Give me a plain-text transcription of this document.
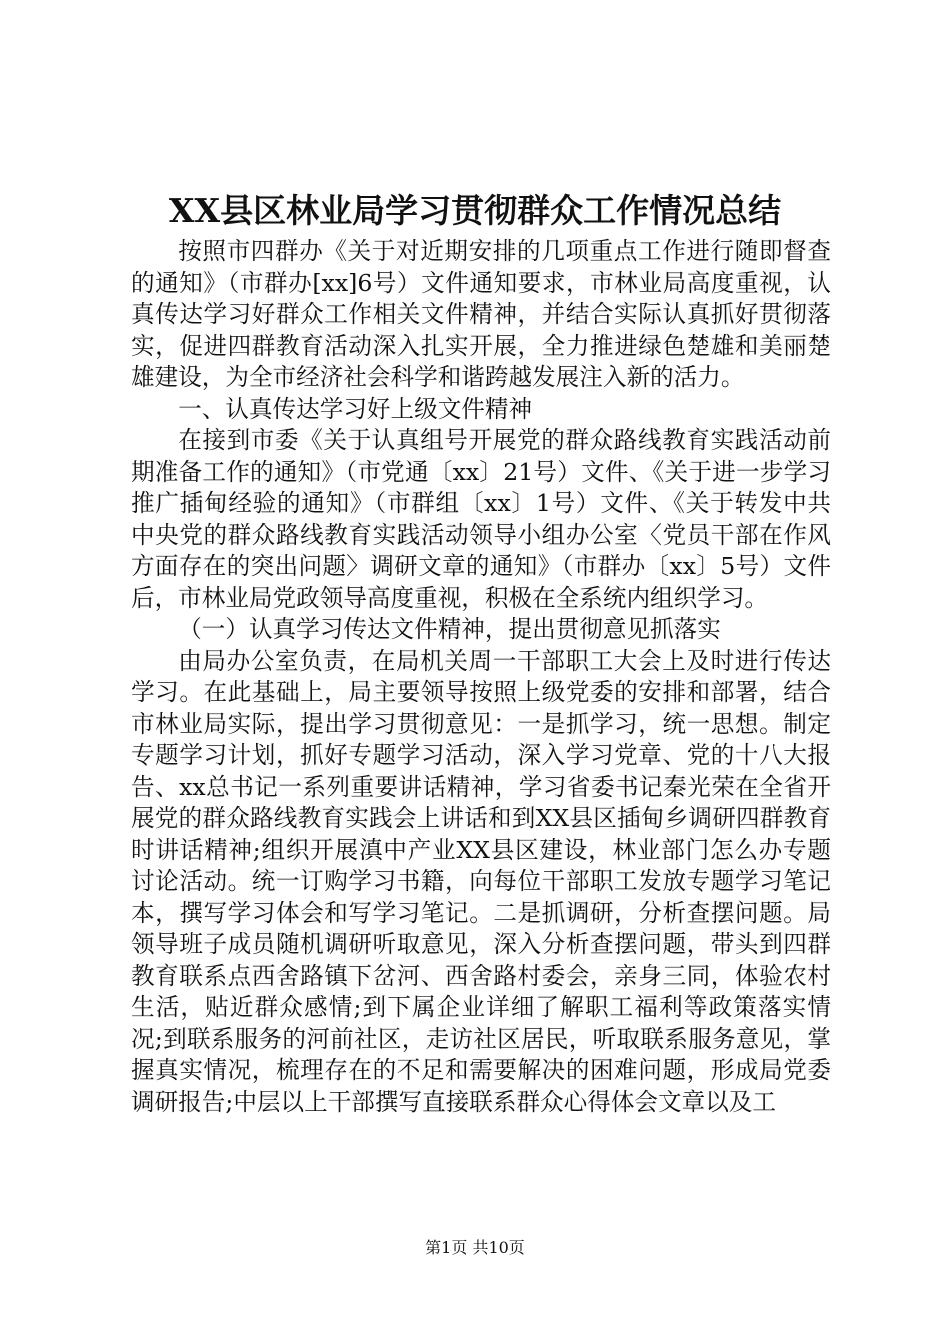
XX县区林业局学习贯彻群众工作情况总结

按照市四群办《关于对近期安排的几项重点工作进行随即督查的通知》（市群办[xx]6号）文件通知要求，市林业局高度重视，认真传达学习好群众工作相关文件精神，并结合实际认真抓好贯彻落实，促进四群教育活动深入扎实开展，全力推进绿色楚雄和美丽楚雄建设，为全市经济社会科学和谐跨越发展注入新的活力。

一、认真传达学习好上级文件精神

在接到市委《关于认真组号开展党的群众路线教育实践活动前期准备工作的通知》（市党通〔xx〕21号）文件、《关于进一步学习推广插甸经验的通知》（市群组〔xx〕1号）文件、《关于转发中共中央党的群众路线教育实践活动领导小组办公室〈党员干部在作风方面存在的突出问题〉调研文章的通知》（市群办〔xx〕5号）文件后，市林业局党政领导高度重视，积极在全系统内组织学习。

（一）认真学习传达文件精神，提出贯彻意见抓落实

由局办公室负责，在局机关周一干部职工大会上及时进行传达学习。在此基础上，局主要领导按照上级党委的安排和部署，结合市林业局实际，提出学习贯彻意见：一是抓学习，统一思想。制定专题学习计划，抓好专题学习活动，深入学习党章、党的十八大报告、xx总书记一系列重要讲话精神，学习省委书记秦光荣在全省开展党的群众路线教育实践会上讲话和到XX县区插甸乡调研四群教育时讲话精神;组织开展滇中产业XX县区建设，林业部门怎么办专题讨论活动。统一订购学习书籍，向每位干部职工发放专题学习笔记本，撰写学习体会和写学习笔记。二是抓调研，分析查摆问题。局领导班子成员随机调研听取意见，深入分析查摆问题，带头到四群教育联系点西舍路镇下岔河、西舍路村委会，亲身三同，体验农村生活，贴近群众感情;到下属企业详细了解职工福利等政策落实情况;到联系服务的河前社区，走访社区居民，听取联系服务意见，掌握真实情况，梳理存在的不足和需要解决的困难问题，形成局党委调研报告;中层以上干部撰写直接联系群众心得体会文章以及工

第1页 共10页
